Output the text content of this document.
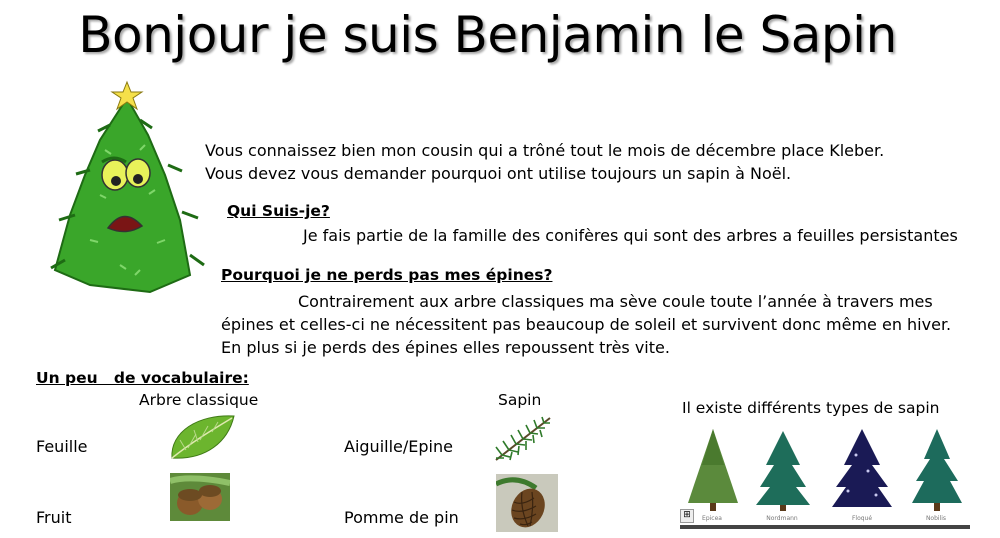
Bonjour je suis Benjamin le Sapin
Vous connaissez bien mon cousin qui a trôné tout le mois de décembre place Kleber. Vous devez vous demander pourquoi ont utilise toujours un sapin à Noël.
Qui Suis-je?
Je fais partie de la famille des conifères qui sont des arbres a feuilles persistantes
Pourquoi je ne perds pas mes épines?
Contrairement aux arbre classiques ma sève coule toute l’année à travers mes épines et celles-ci ne nécessitent pas beaucoup de soleil et survivent donc même en hiver. En plus si je perds des épines elles repoussent très vite.
Un peu   de vocabulaire:
Arbre classique	Sapin
Feuille	Aiguille/Epine
Fruit	Pomme de pin
Il existe différents types de sapin
Epicea	Nordmann	Floqué	Nobilis
⊞
